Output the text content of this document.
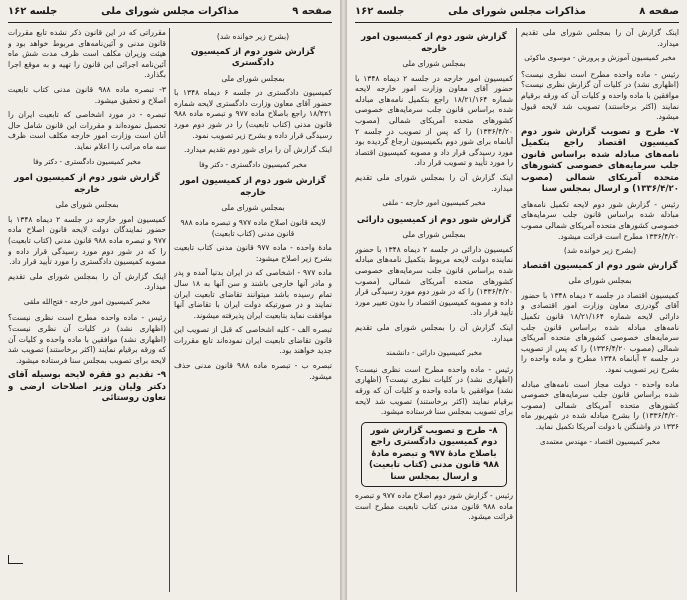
صفحه ۹
مذاکرات مجلس شورای ملی
جلسه ۱۶۲

(بشرح زیر خوانده شد)

گزارش شور دوم از کمیسیون دادگستری

بمجلس شورای ملی

کمیسیون دادگستری در جلسه ۶ دیماه ۱۳۴۸ با حضور آقای معاون وزارت دادگستری لایحه شماره ۱۸/۴۲۱ راجع باصلاح ماده ۹۷۷ و تبصره ماده ۹۸۸ قانون مدنی (کتاب تابعیت) را در شور دوم مورد رسیدگی قرار داده و بشرح زیر تصویب نمود.

اینک گزارش آن را برای شور دوم تقدیم میدارد.

مخبر کمیسیون دادگستری - دکتر وفا

گزارش شور دوم از کمیسیون امور خارجه

بمجلس شورای ملی

لایحه قانون اصلاح ماده ۹۷۷ و تبصره ماده ۹۸۸ قانون مدنی (کتاب تابعیت)

مادهٔ واحده - ماده ۹۷۷ قانون مدنی کتاب تابعیت بشرح زیر اصلاح میشود:

ماده ۹۷۷ - اشخاصی که در ایران بدنیا آمده و پدر و مادر آنها خارجی باشند و سن آنها به ۱۸ سال تمام رسیده باشد میتوانند تقاضای تابعیت ایران نمایند و در صورتیکه دولت ایران با تقاضای آنها موافقت نماید بتابعیت ایران پذیرفته میشوند.

تبصره الف - کلیه اشخاصی که قبل از تصویب این قانون تقاضای تابعیت ایران نموده‌اند تابع مقررات جدید خواهند بود.

تبصره ب - تبصره ماده ۹۸۸ قانون مدنی حذف میشود.

مقرراتی که در این قانون ذکر نشده تابع مقررات قانون مدنی و آئین‌نامه‌های مربوط خواهد بود و هیئت وزیران مکلف است ظرف مدت شش ماه آئین‌نامه اجرائی این قانون را تهیه و به موقع اجرا بگذارد.

۳- تبصره ماده ۹۸۸ قانون مدنی کتاب تابعیت اصلاح و تحقیق میشود.

تبصره - در مورد اشخاصی که تابعیت ایران را تحصیل نموده‌اند و مقررات این قانون شامل حال آنان است وزارت امور خارجه مکلف است ظرف سه ماه مراتب را اعلام نماید.

مخبر کمیسیون دادگستری - دکتر وفا

گزارش شور دوم از کمیسیون امور خارجه

بمجلس شورای ملی

کمیسیون امور خارجه در جلسه ۲ دیماه ۱۳۴۸ با حضور نمایندگان دولت لایحه قانون اصلاح ماده ۹۷۷ و تبصره ماده ۹۸۸ قانون مدنی (کتاب تابعیت) را که در شور دوم مورد رسیدگی قرار داده و مصوبه کمیسیون دادگستری را مورد تأیید قرار داد.

اینک گزارش آن را بمجلس شورای ملی تقدیم میدارد.

مخبر کمیسیون امور خارجه - فتح‌الله ملقی

رئیس - ماده واحده مطرح است نظری نیست؟ (اظهاری نشد) در کلیات آن نظری نیست؟ (اظهاری نشد) موافقین با ماده واحده و کلیات آن که ورقه برقیام نمایند (اکثر برخاستند) تصویب شد لایحه برای تصویب بمجلس سنا فرستاده میشود.

۹- تقدیم دو فقره لایحه بوسیله آقای دکتر ولیان وزیر اصلاحات ارضی و تعاون روستائی

صفحه ۸
مذاکرات مجلس شورای ملی
جلسه ۱۶۲

اینک گزارش آن را بمجلس شورای ملی تقدیم میدارد.

مخبر کمیسیون آموزش و پرورش - موسوی ماکوئی

رئیس - ماده واحده مطرح است نظری نیست؟ (اظهاری نشد) در کلیات آن گزارش نظری نیست؟ موافقین با ماده واحده و کلیات آن که ورقه برقیام نمایند (اکثر برخاستند) تصویب شد لایحه قبول میشود.

۷- طرح و تصویب گزارش شور دوم کمیسیون اقتصاد راجع بتکمیل نامه‌های مبادله شده براساس قانون جلب سرمایه‌های خصوصی کشورهای متحده آمریکای شمالی (مصوب ۱۳۳۶/۴/۲۰) و ارسال بمجلس سنا

رئیس - گزارش شور دوم لایحه تکمیل نامه‌های مبادله شده براساس قانون جلب سرمایه‌های خصوصی کشورهای متحده آمریکای شمالی مصوب ۱۳۳۶/۴/۲۰ مطرح است قرائت میشود.

(بشرح زیر خوانده شد)

گزارش شور دوم از کمیسیون اقتصاد

بمجلس شورای ملی

کمیسیون اقتصاد در جلسه ۲ دیماه ۱۳۴۸ با حضور آقای گودرزی معاون وزارت امور اقتصادی و دارائی لایحه شماره ۱۸/۲۱/۱۶۴ قانون تکمیل نامه‌های مبادله شده براساس قانون جلب سرمایه‌های خصوصی کشورهای متحده آمریکای شمالی (مصوب ۱۳۳۶/۴/۲۰) را که پس از تصویب در جلسه ۲ آبانماه ۱۳۴۸ مطرح و ماده واحده را بشرح زیر تصویب نمود.

ماده واحده - دولت مجاز است نامه‌های مبادله شده براساس قانون جلب سرمایه‌های خصوصی کشورهای متحده آمریکای شمالی (مصوب ۱۳۳۶/۴/۲۰) را بشرح مبادله شده در شهریور ماه ۱۳۳۶ در واشنگتن با دولت آمریکا تکمیل نماید.

مخبر کمیسیون اقتصاد - مهندس معتمدی

گزارش شور دوم از کمیسیون امور خارجه

بمجلس شورای ملی

کمیسیون امور خارجه در جلسه ۲ دیماه ۱۳۴۸ با حضور آقای معاون وزارت امور خارجه لایحه شماره ۱۸/۲۱/۱۶۴ راجع بتکمیل نامه‌های مبادله شده براساس قانون جلب سرمایه‌های خصوصی کشورهای متحده آمریکای شمالی (مصوب ۱۳۳۶/۴/۲۰) را که پس از تصویب در جلسه ۲ آبانماه برای شور دوم بکمیسیون ارجاع گردیده بود مورد رسیدگی قرار داد و مصوبه کمیسیون اقتصاد را مورد تأیید و تصویب قرار داد.

اینک گزارش آن را بمجلس شورای ملی تقدیم میدارد.

مخبر کمیسیون امور خارجه - ملقی

گزارش شور دوم از کمیسیون دارائی

بمجلس شورای ملی

کمیسیون دارائی در جلسه ۲ دیماه ۱۳۴۸ با حضور نماینده دولت لایحه مربوط بتکمیل نامه‌های مبادله شده براساس قانون جلب سرمایه‌های خصوصی کشورهای متحده آمریکای شمالی (مصوب ۱۳۳۶/۴/۲۰) را که در شور دوم مورد رسیدگی قرار داده و مصوبه کمیسیون اقتصاد را بدون تغییر مورد تأیید قرار داد.

اینک گزارش آن را بمجلس شورای ملی تقدیم میدارد.

مخبر کمیسیون دارائی - دانشمند

رئیس - ماده واحده مطرح است نظری نیست؟ (اظهاری نشد) در کلیات نظری نیست؟ (اظهاری نشد) موافقین با ماده واحده و کلیات آن که ورقه برقیام نمایند (اکثر برخاستند) تصویب شد لایحه برای تصویب بمجلس سنا فرستاده میشود.

۸- طرح و تصویب گزارش شور دوم کمیسیون دادگستری راجع باصلاح مادهٔ ۹۷۷ و تبصره مادهٔ ۹۸۸ قانون مدنی (کتاب تابعیت) و ارسال بمجلس سنا

رئیس - گزارش شور دوم اصلاح ماده ۹۷۷ و تبصره ماده ۹۸۸ قانون مدنی کتاب تابعیت مطرح است قرائت میشود.
